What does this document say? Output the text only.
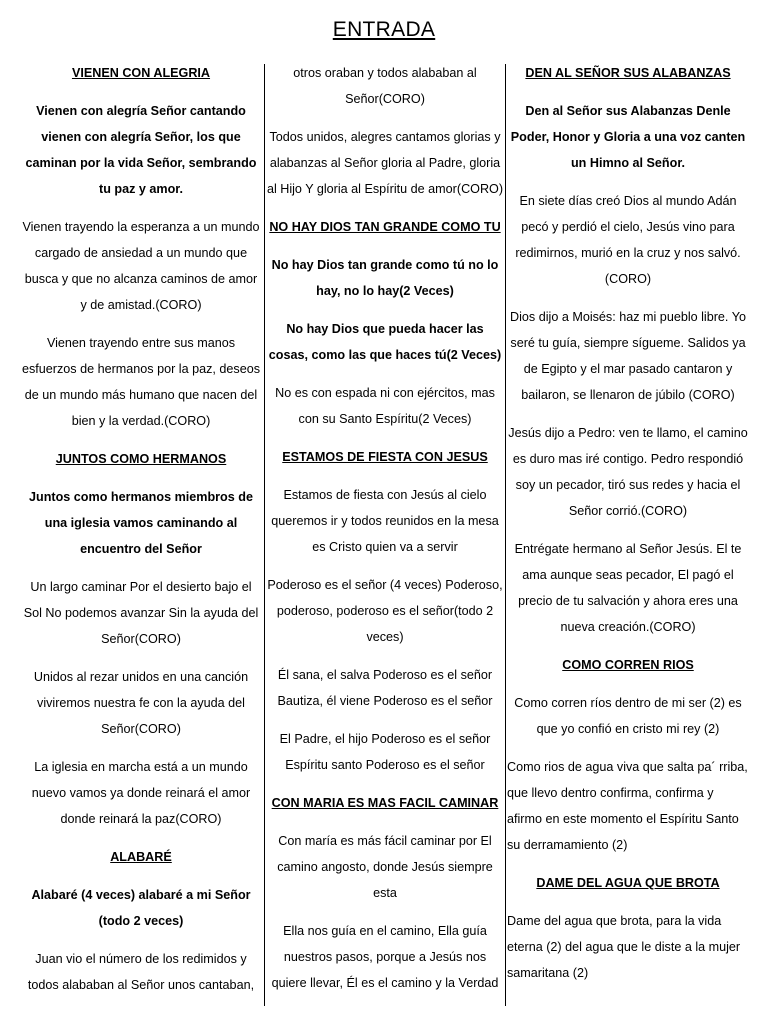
ENTRADA
VIENEN CON ALEGRIA

Vienen con alegría Señor cantando vienen con alegría Señor, los que caminan por la vida Señor, sembrando tu paz y amor.

Vienen trayendo la esperanza a un mundo cargado de ansiedad a un mundo que busca y que no alcanza caminos de amor y de amistad.(CORO)

Vienen trayendo entre sus manos esfuerzos de hermanos por la paz, deseos de un mundo más humano que nacen del bien y la verdad.(CORO)

JUNTOS COMO HERMANOS

Juntos como hermanos miembros de una iglesia vamos caminando al encuentro del Señor

Un largo caminar Por el desierto bajo el Sol No podemos avanzar Sin la ayuda del Señor(CORO)

Unidos al rezar unidos en una canción viviremos nuestra fe con la ayuda del Señor(CORO)

La iglesia en marcha está a un mundo nuevo vamos ya donde reinará el amor donde reinará la paz(CORO)

ALABARÉ

Alabaré (4 veces) alabaré a mi Señor (todo 2 veces)

Juan vio el número de los redimidos y todos alababan al Señor unos cantaban,

otros oraban y todos alababan al Señor(CORO)

Todos unidos, alegres cantamos glorias y alabanzas al Señor gloria al Padre, gloria al Hijo Y gloria al Espíritu de amor(CORO)

NO HAY DIOS TAN GRANDE COMO TU

No hay Dios tan grande como tú no lo hay, no lo hay(2 Veces)

No hay Dios que pueda hacer las cosas, como las que haces tú(2 Veces)

No es con espada ni con ejércitos, mas con su Santo Espíritu(2 Veces)

ESTAMOS DE FIESTA CON JESUS

Estamos de fiesta con Jesús al cielo queremos ir y todos reunidos en la mesa es Cristo quien va a servir

Poderoso es el señor (4 veces) Poderoso, poderoso, poderoso es el señor(todo 2 veces)

Él sana, el salva Poderoso es el señor Bautiza, él viene Poderoso es el señor

El Padre, el hijo Poderoso es el señor Espíritu santo Poderoso es el señor

CON MARIA ES MAS FACIL CAMINAR

Con maría es más fácil caminar por El camino angosto, donde Jesús siempre esta

Ella nos guía en el camino, Ella guía nuestros pasos, porque a Jesús nos quiere llevar, Él es el camino y la Verdad

DEN AL SEÑOR SUS ALABANZAS

Den al Señor sus Alabanzas Denle Poder, Honor y Gloria a una voz canten un Himno al Señor.

En siete días creó Dios al mundo Adán pecó y perdió el cielo, Jesús vino para redimirnos, murió en la cruz y nos salvó. (CORO)

Dios dijo a Moisés: haz mi pueblo libre. Yo seré tu guía, siempre sígueme. Salidos ya de Egipto y el mar pasado cantaron y bailaron, se llenaron de júbilo (CORO)

Jesús dijo a Pedro: ven te llamo, el camino es duro mas iré contigo. Pedro respondió soy un pecador, tiró sus redes y hacia el Señor corrió.(CORO)

Entrégate hermano al Señor Jesús. El te ama aunque seas pecador, El pagó el precio de tu salvación y ahora eres una nueva creación.(CORO)

COMO CORREN RIOS

Como corren ríos dentro de mi ser (2) es que yo confió en cristo mi rey (2)

Como rios de agua viva que salta pa´ rriba, que llevo dentro confirma, confirma y afirmo en este momento el Espíritu Santo su derramamiento (2)

DAME DEL AGUA QUE BROTA

Dame del agua que brota, para la vida eterna (2) del agua que le diste a la mujer samaritana (2)
